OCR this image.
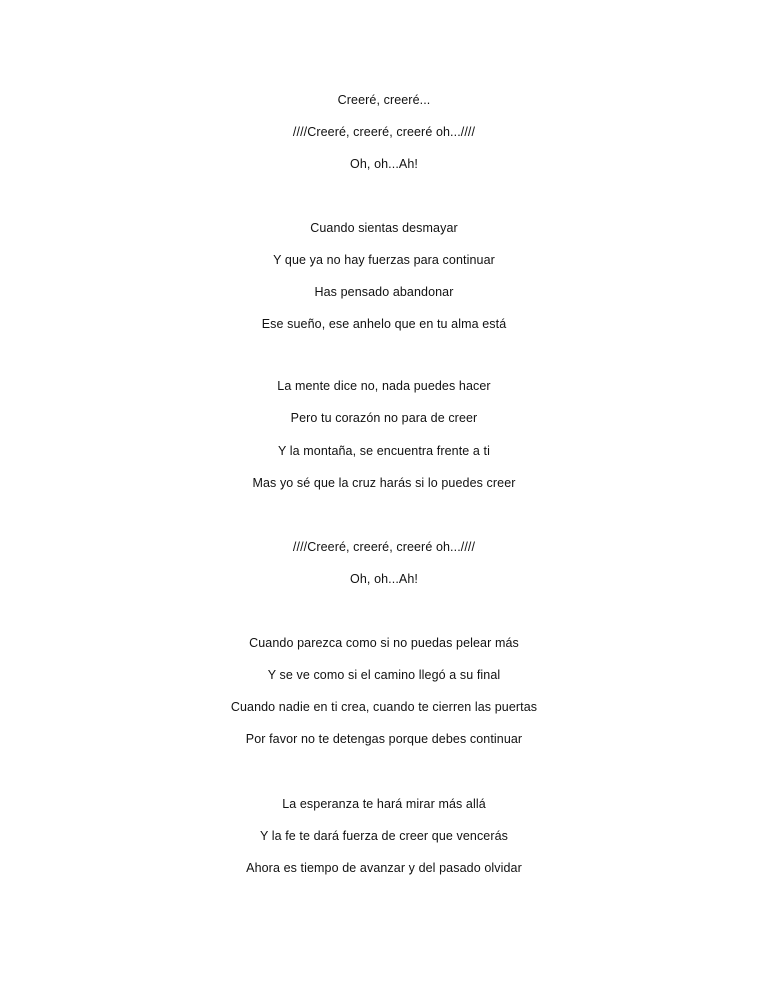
Creeré, creeré...
////Creeré, creeré, creeré oh...////
Oh, oh...Ah!
Cuando sientas desmayar
Y que ya no hay fuerzas para continuar
Has pensado abandonar
Ese sueño, ese anhelo que en tu alma está
La mente dice no, nada puedes hacer
Pero tu corazón no para de creer
Y la montaña, se encuentra frente a ti
Mas yo sé que la cruz harás si lo puedes creer
////Creeré, creeré, creeré oh...////
Oh, oh...Ah!
Cuando parezca como si no puedas pelear más
Y se ve como si el camino llegó a su final
Cuando nadie en ti crea, cuando te cierren las puertas
Por favor no te detengas porque debes continuar
La esperanza te hará mirar más allá
Y la fe te dará fuerza de creer que vencerás
Ahora es tiempo de avanzar y del pasado olvidar
